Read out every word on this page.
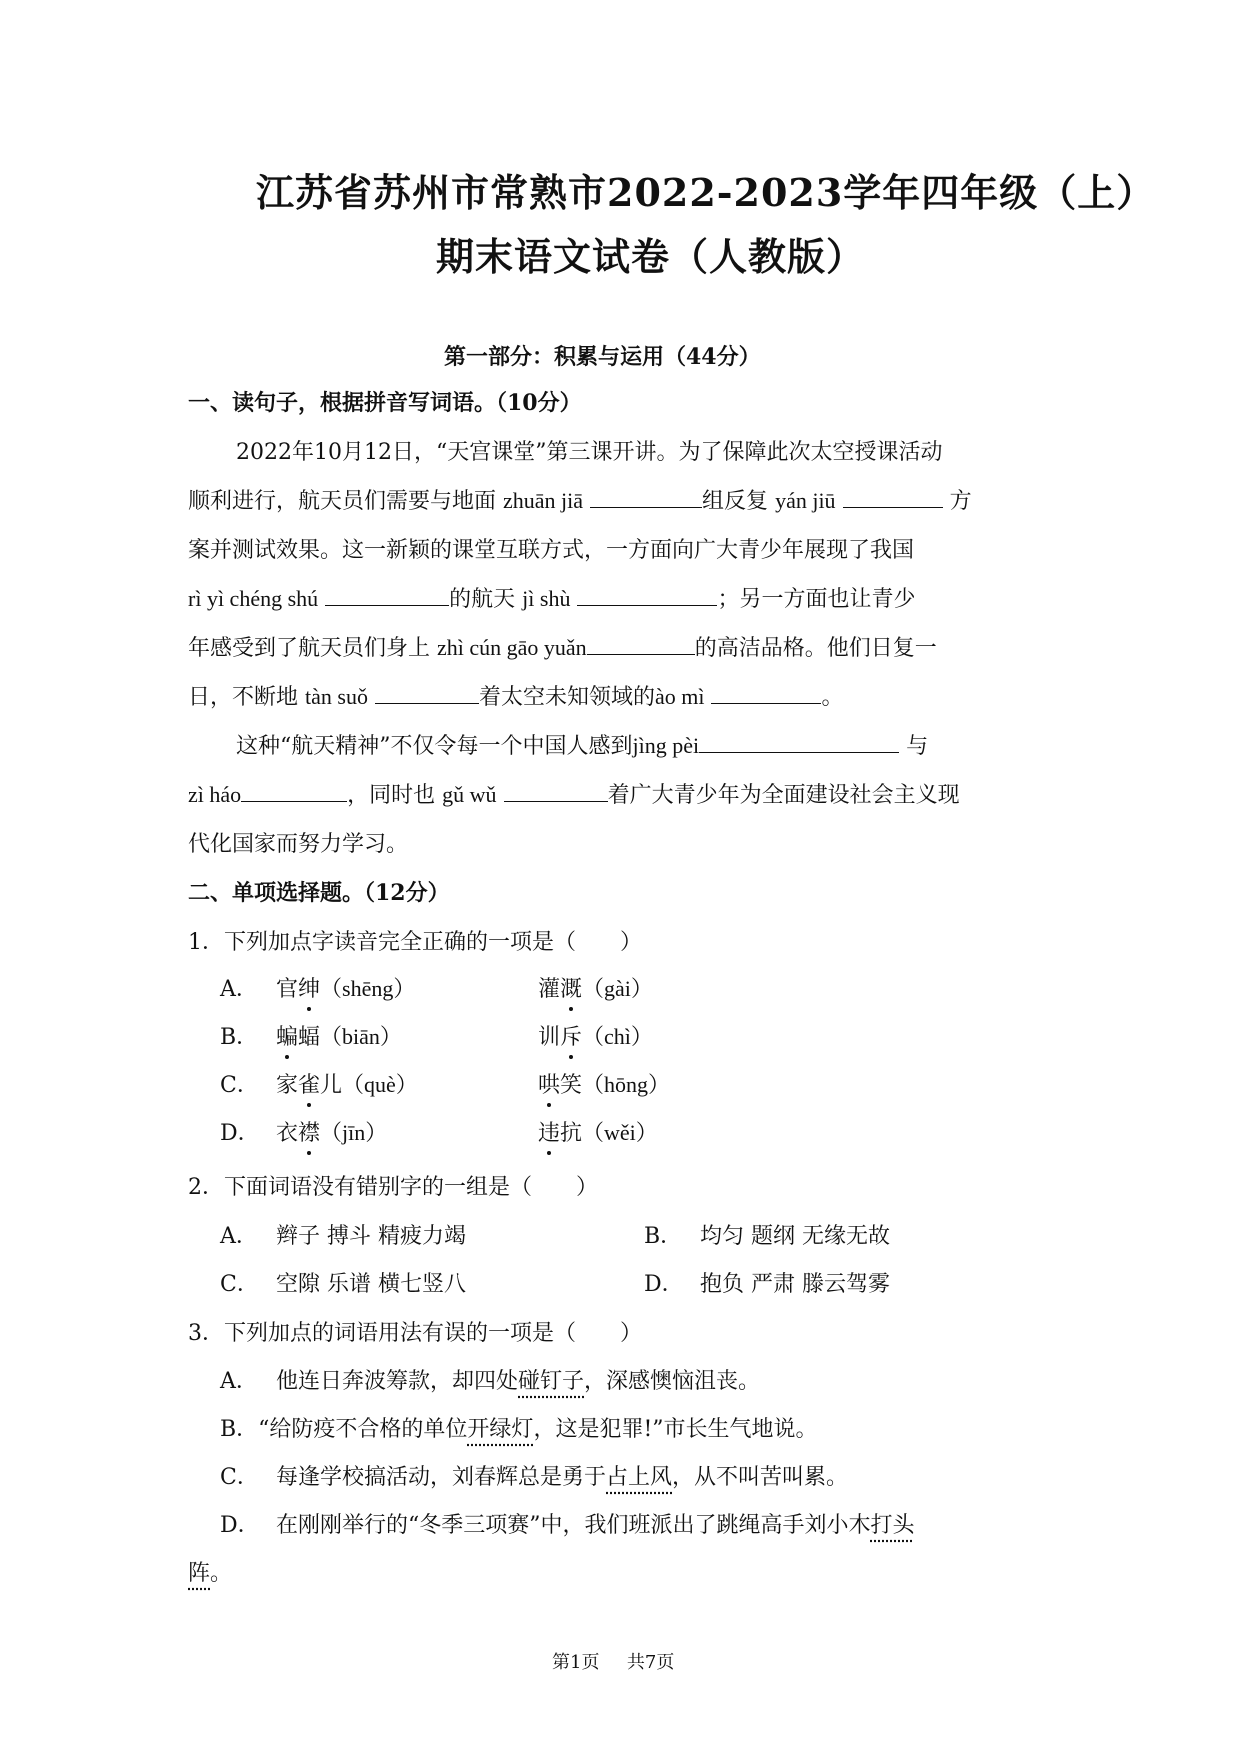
江苏省苏州市常熟市2022-2023学年四年级（上）
期末语文试卷（人教版）
第一部分：积累与运用（44分）
一、读句子，根据拼音写词语。（10分）
2022年10月12日，“天宫课堂”第三课开讲。为了保障此次太空授课活动
顺利进行，航天员们需要与地面 zhuān jiā	组反复 yán jiū	方
案并测试效果。这一新颖的课堂互联方式，一方面向广大青少年展现了我国
rì yì chéng shú	的航天 jì shù	；另一方面也让青少
年感受到了航天员们身上 zhì cún gāo yuǎn	的高洁品格。他们日复一
日，不断地 tàn suǒ	着太空未知领域的ào mì	。
这种“航天精神”不仅令每一个中国人感到jìng pèi	与
zì háo	，同时也 gǔ wǔ	着广大青少年为全面建设社会主义现
代化国家而努力学习。
二、单项选择题。（12分）
1．下列加点字读音完全正确的一项是（　　）
A． 官绅（shēng）	灌溉（gài）
B． 蝙蝠（biān）	训斥（chì）
C． 家雀儿（què）	哄笑（hōng）
D． 衣襟（jīn）	违抗（wěi）
2．下面词语没有错别字的一组是（　　）
A． 辫子 搏斗 精疲力竭	B． 均匀 题纲 无缘无故
C． 空隙 乐谱 横七竖八	D． 抱负 严肃 滕云驾雾
3．下列加点的词语用法有误的一项是（　　）
A． 他连日奔波筹款，却四处碰钉子，深感懊恼沮丧。
B．“给防疫不合格的单位开绿灯，这是犯罪!”市长生气地说。
C． 每逢学校搞活动，刘春辉总是勇于占上风，从不叫苦叫累。
D． 在刚刚举行的“冬季三项赛”中，我们班派出了跳绳高手刘小木打头
阵。
第1页 共7页
